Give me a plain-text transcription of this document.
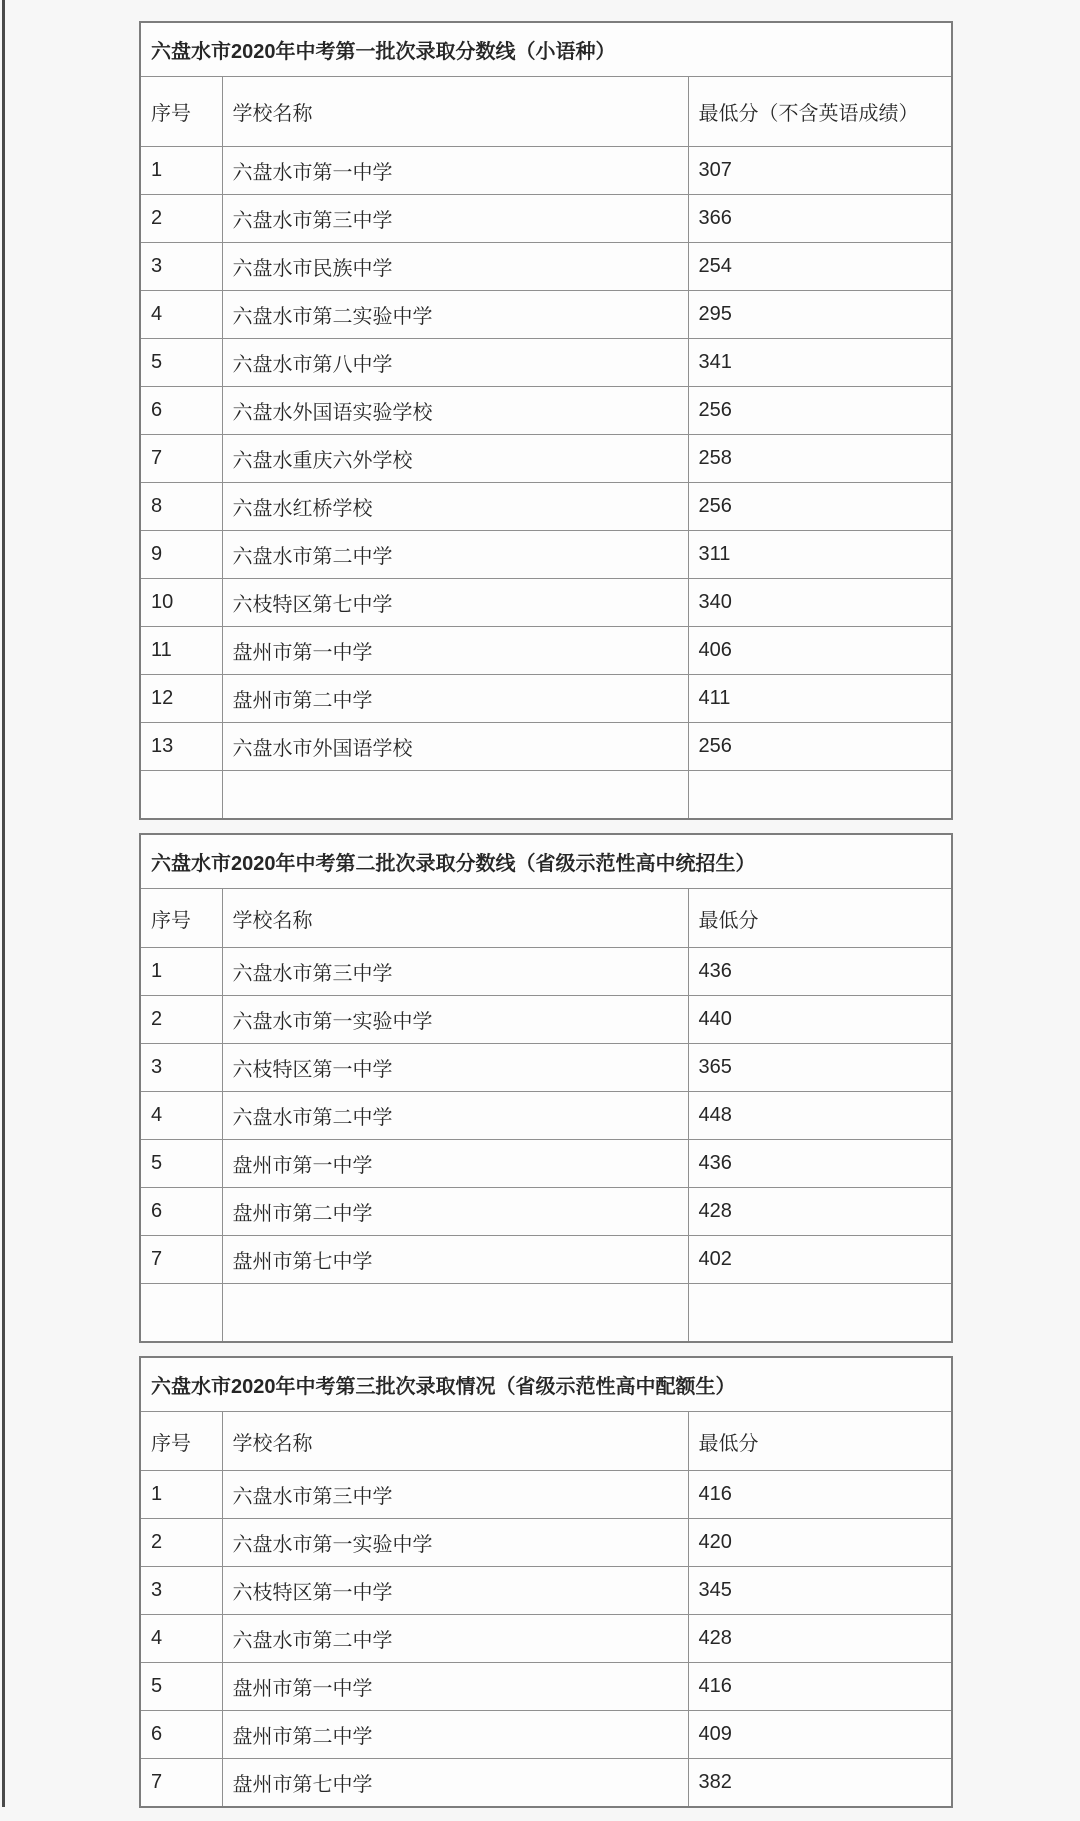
六盘水市2020年中考第一批次录取分数线（小语种）		
序号	学校名称	最低分（不含英语成绩）
1	六盘水市第一中学	307
2	六盘水市第三中学	366
3	六盘水市民族中学	254
4	六盘水市第二实验中学	295
5	六盘水市第八中学	341
6	六盘水外国语实验学校	256
7	六盘水重庆六外学校	258
8	六盘水红桥学校	256
9	六盘水市第二中学	311
10	六枝特区第七中学	340
11	盘州市第一中学	406
12	盘州市第二中学	411
13	六盘水市外国语学校	256

六盘水市2020年中考第二批次录取分数线（省级示范性高中统招生）		
序号	学校名称	最低分
1	六盘水市第三中学	436
2	六盘水市第一实验中学	440
3	六枝特区第一中学	365
4	六盘水市第二中学	448
5	盘州市第一中学	436
6	盘州市第二中学	428
7	盘州市第七中学	402

六盘水市2020年中考第三批次录取情况（省级示范性高中配额生）		
序号	学校名称	最低分
1	六盘水市第三中学	416
2	六盘水市第一实验中学	420
3	六枝特区第一中学	345
4	六盘水市第二中学	428
5	盘州市第一中学	416
6	盘州市第二中学	409
7	盘州市第七中学	382
